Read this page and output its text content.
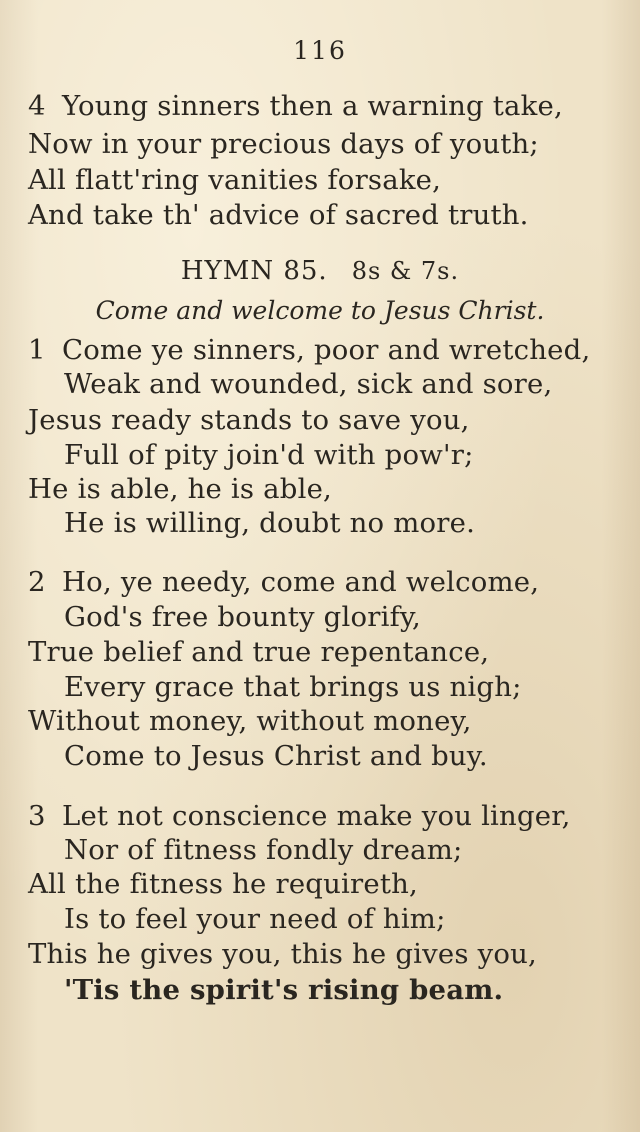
116
4 Young sinners then a warning take,
Now in your precious days of youth;
All flatt'ring vanities forsake,
And take th' advice of sacred truth.
HYMN 85. 8s & 7s.
Come and welcome to Jesus Christ.
1 Come ye sinners, poor and wretched,
Weak and wounded, sick and sore,
Jesus ready stands to save you,
Full of pity join'd with pow'r;
He is able, he is able,
He is willing, doubt no more.
2 Ho, ye needy, come and welcome,
God's free bounty glorify,
True belief and true repentance,
Every grace that brings us nigh;
Without money, without money,
Come to Jesus Christ and buy.
3 Let not conscience make you linger,
Nor of fitness fondly dream;
All the fitness he requireth,
Is to feel your need of him;
This he gives you, this he gives you,
'Tis the spirit's rising beam.
